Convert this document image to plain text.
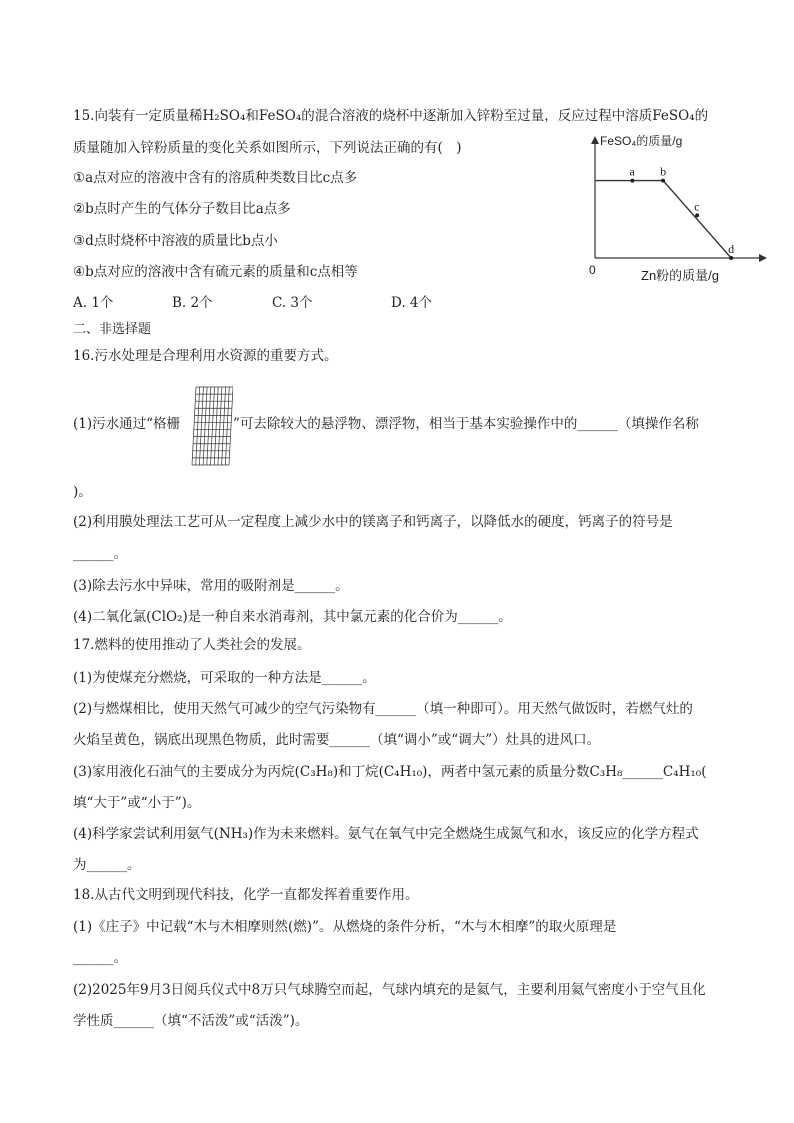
15.向装有一定质量稀H₂SO₄和FeSO₄的混合溶液的烧杯中逐渐加入锌粉至过量，反应过程中溶质FeSO₄的
质量随加入锌粉质量的变化关系如图所示，下列说法正确的有(　)
①a点对应的溶液中含有的溶质种类数目比c点多
②b点时产生的气体分子数目比a点多
③d点时烧杯中溶液的质量比b点小
④b点对应的溶液中含有硫元素的质量和c点相等
A. 1个	B. 2个	C. 3个	D. 4个
a b
c
d
FeSO₄的质量/g
Zn粉的质量/g
0
二、非选择题
16.污水处理是合理利用水资源的重要方式。
(1)污水通过“格栅	”可去除较大的悬浮物、漂浮物，相当于基本实验操作中的______（填操作名称
)。
(2)利用膜处理法工艺可从一定程度上减少水中的镁离子和钙离子，以降低水的硬度，钙离子的符号是
______。
(3)除去污水中异味，常用的吸附剂是______。
(4)二氧化氯(ClO₂)是一种自来水消毒剂，其中氯元素的化合价为______。
17.燃料的使用推动了人类社会的发展。
(1)为使煤充分燃烧，可采取的一种方法是______。
(2)与燃煤相比，使用天然气可减少的空气污染物有______（填一种即可）。用天然气做饭时，若燃气灶的
火焰呈黄色，锅底出现黑色物质，此时需要______（填“调小”或“调大”）灶具的进风口。
(3)家用液化石油气的主要成分为丙烷(C₃H₈)和丁烷(C₄H₁₀)，两者中氢元素的质量分数C₃H₈______C₄H₁₀(
填“大于”或“小于”)。
(4)科学家尝试利用氨气(NH₃)作为未来燃料。氨气在氧气中完全燃烧生成氮气和水，该反应的化学方程式
为______。
18.从古代文明到现代科技，化学一直都发挥着重要作用。
(1)《庄子》中记载“木与木相摩则然(燃)”。从燃烧的条件分析，“木与木相摩”的取火原理是
______。
(2)2025年9月3日阅兵仪式中8万只气球腾空而起，气球内填充的是氦气，主要利用氦气密度小于空气且化
学性质______（填“不活泼”或“活泼”)。
